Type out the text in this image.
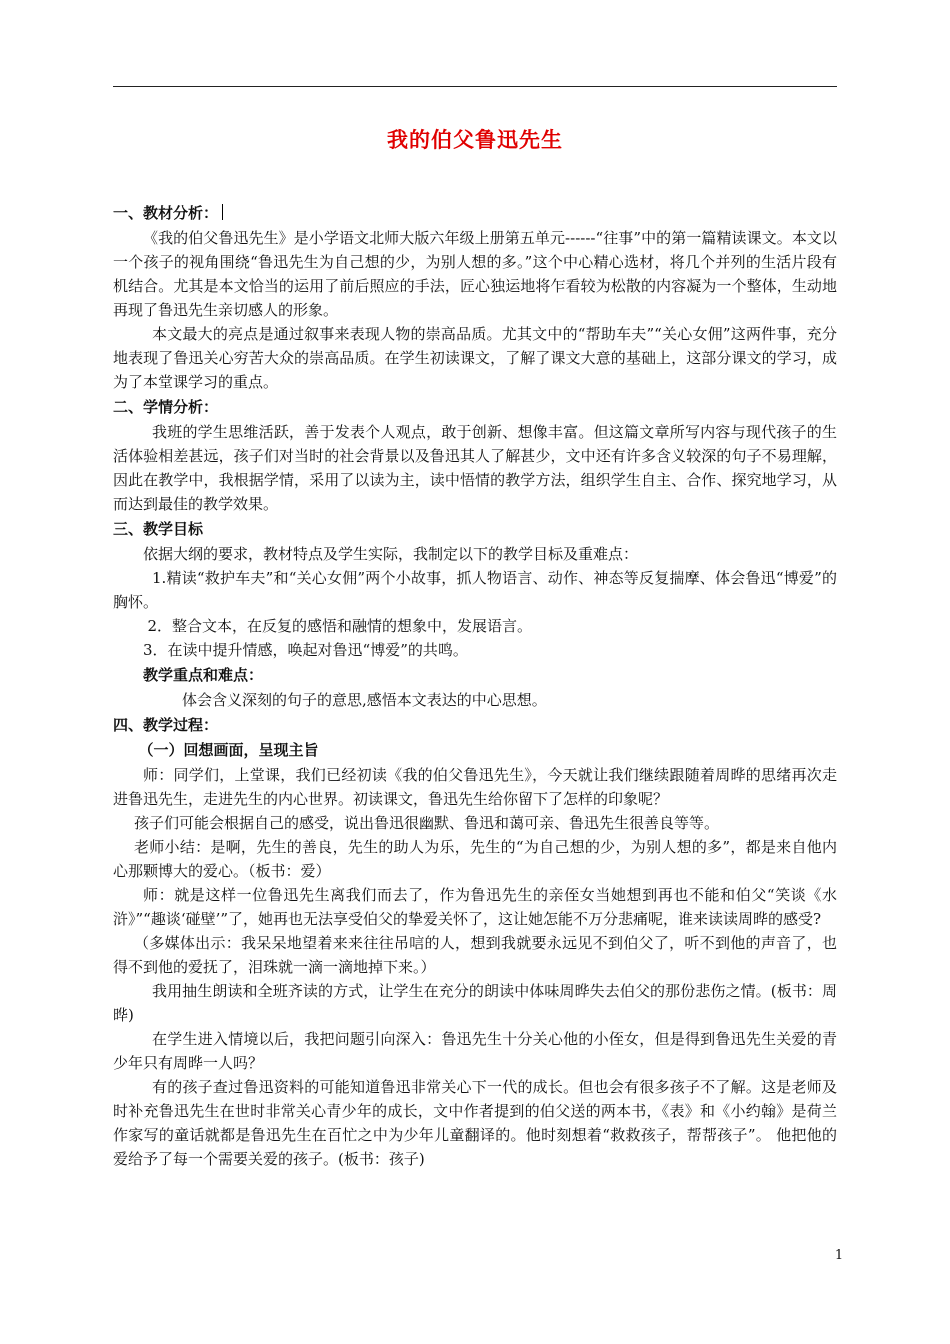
我的伯父鲁迅先生

一、教材分析：

《我的伯父鲁迅先生》是小学语文北师大版六年级上册第五单元------“往事”中的第一篇精读课文。本文以一个孩子的视角围绕“鲁迅先生为自己想的少，为别人想的多。”这个中心精心选材，将几个并列的生活片段有机结合。尤其是本文恰当的运用了前后照应的手法，匠心独运地将乍看较为松散的内容凝为一个整体，生动地再现了鲁迅先生亲切感人的形象。

本文最大的亮点是通过叙事来表现人物的崇高品质。尤其文中的“帮助车夫”“关心女佣”这两件事，充分地表现了鲁迅关心穷苦大众的崇高品质。在学生初读课文，了解了课文大意的基础上，这部分课文的学习，成为了本堂课学习的重点。

二、学情分析：

我班的学生思维活跃，善于发表个人观点，敢于创新、想像丰富。但这篇文章所写内容与现代孩子的生活体验相差甚远，孩子们对当时的社会背景以及鲁迅其人了解甚少，文中还有许多含义较深的句子不易理解，因此在教学中，我根据学情，采用了以读为主，读中悟情的教学方法，组织学生自主、合作、探究地学习，从而达到最佳的教学效果。

三、教学目标

依据大纲的要求，教材特点及学生实际，我制定以下的教学目标及重难点：

1.精读“救护车夫”和“关心女佣”两个小故事，抓人物语言、动作、神态等反复揣摩、体会鲁迅“博爱”的胸怀。

2．整合文本，在反复的感悟和融情的想象中，发展语言。

3．在读中提升情感，唤起对鲁迅“博爱”的共鸣。

教学重点和难点：

体会含义深刻的句子的意思,感悟本文表达的中心思想。

四、教学过程：

（一）回想画面，呈现主旨

师：同学们，上堂课，我们已经初读《我的伯父鲁迅先生》，今天就让我们继续跟随着周晔的思绪再次走进鲁迅先生，走进先生的内心世界。初读课文，鲁迅先生给你留下了怎样的印象呢？

孩子们可能会根据自己的感受，说出鲁迅很幽默、鲁迅和蔼可亲、鲁迅先生很善良等等。

老师小结：是啊，先生的善良，先生的助人为乐，先生的“为自己想的少，为别人想的多”，都是来自他内心那颗博大的爱心。（板书：爱）

师：就是这样一位鲁迅先生离我们而去了，作为鲁迅先生的亲侄女当她想到再也不能和伯父“笑谈《水浒》”“趣谈‘碰壁’”了，她再也无法享受伯父的挚爱关怀了，这让她怎能不万分悲痛呢，谁来读读周晔的感受?

（多媒体出示：我呆呆地望着来来往往吊唁的人，想到我就要永远见不到伯父了，听不到他的声音了，也得不到他的爱抚了，泪珠就一滴一滴地掉下来。）

我用抽生朗读和全班齐读的方式，让学生在充分的朗读中体味周晔失去伯父的那份悲伤之情。(板书：周晔)

在学生进入情境以后，我把问题引向深入：鲁迅先生十分关心他的小侄女，但是得到鲁迅先生关爱的青少年只有周晔一人吗？

有的孩子查过鲁迅资料的可能知道鲁迅非常关心下一代的成长。但也会有很多孩子不了解。这是老师及时补充鲁迅先生在世时非常关心青少年的成长，文中作者提到的伯父送的两本书，《表》和《小约翰》是荷兰作家写的童话就都是鲁迅先生在百忙之中为少年儿童翻译的。他时刻想着“救救孩子，帮帮孩子”。 他把他的爱给予了每一个需要关爱的孩子。(板书：孩子)

1
